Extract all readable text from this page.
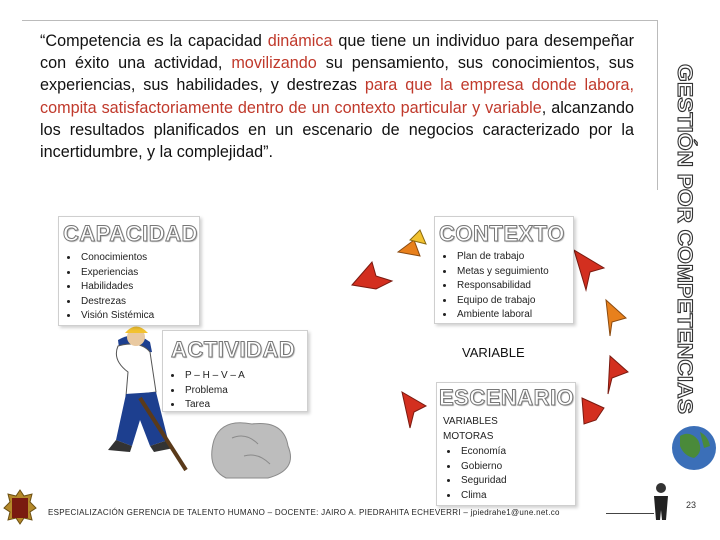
“Competencia es la capacidad dinámica que tiene un individuo para desempeñar con éxito una actividad, movilizando su pensamiento, sus conocimientos, sus experiencias, sus habilidades, y destrezas para que la empresa donde labora, compita satisfactoriamente dentro de un contexto particular y variable, alcanzando los resultados planificados en un escenario de negocios caracterizado por la incertidumbre, y la complejidad”.	GESTIÓN POR COMPETENCIAS
CAPACIDAD
• Conocimientos
• Experiencias
• Habilidades
• Destrezas
• Visión Sistémica
CONTEXTO
• Plan de trabajo
• Metas y seguimiento
• Responsabilidad
• Equipo de trabajo
• Ambiente laboral
ACTIVIDAD
• P – H – V – A
• Problema
• Tarea
VARIABLE
ESCENARIO
VARIABLES
MOTORAS
• Economía
• Gobierno
• Seguridad
• Clima
ESPECIALIZACIÓN GERENCIA DE TALENTO HUMANO – DOCENTE: JAIRO A. PIEDRAHITA ECHEVERRI – jpiedrahe1@une.net.co
23
